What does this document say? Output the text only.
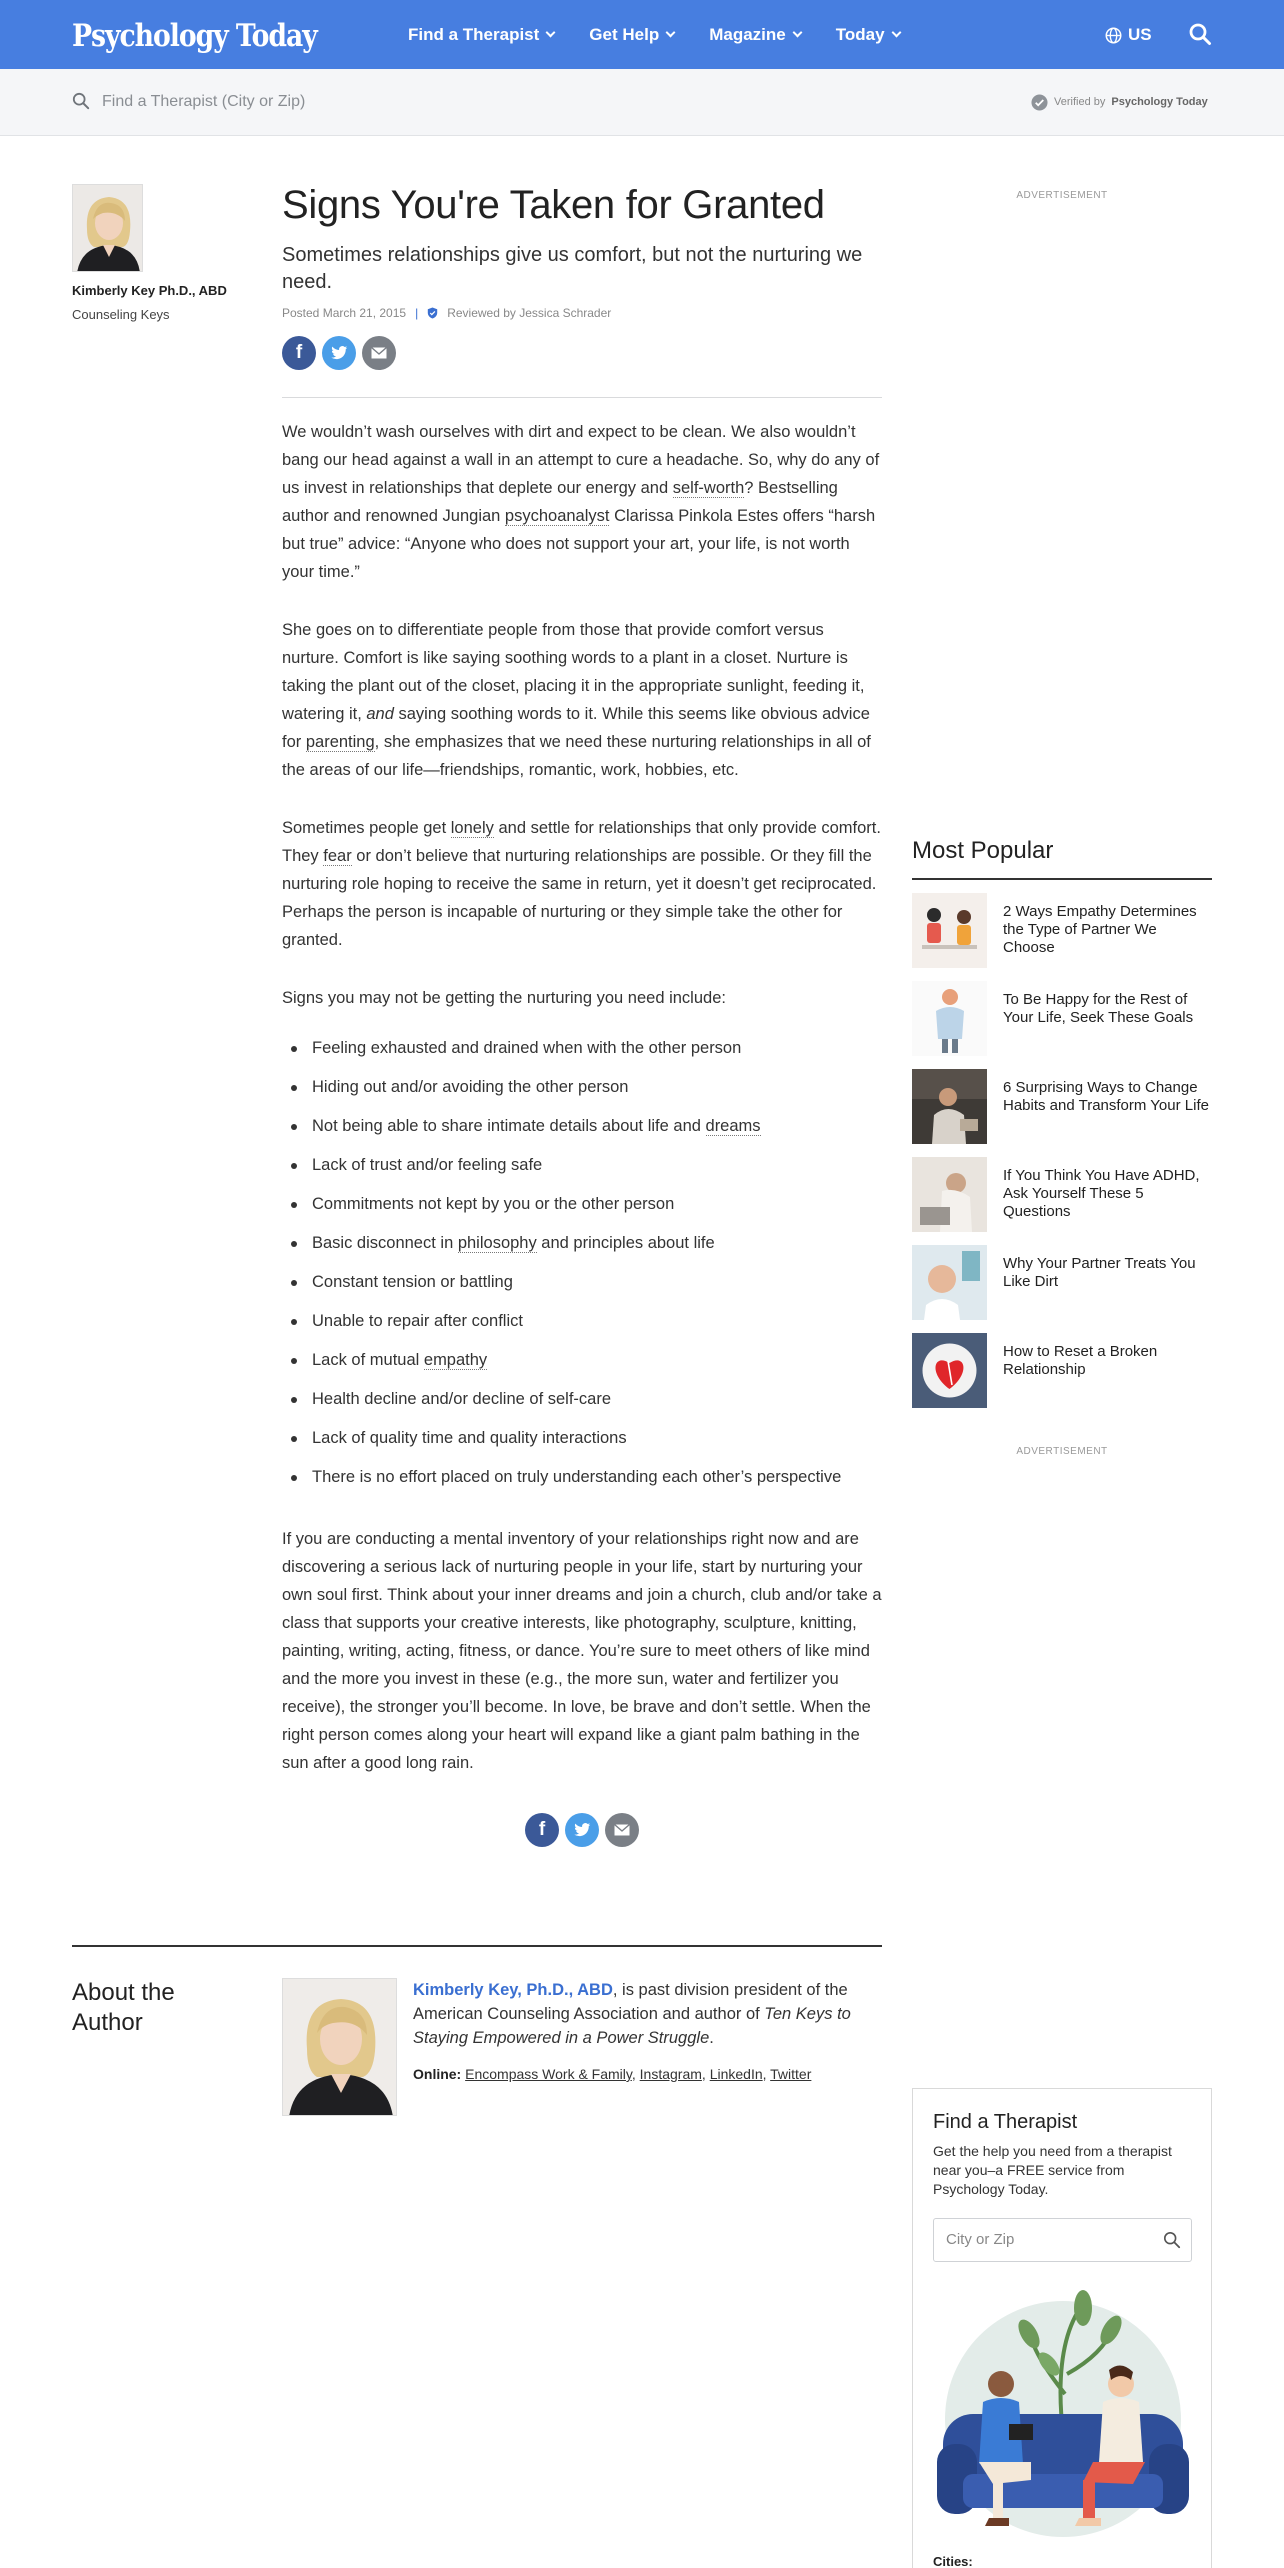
Psychology Today	Find a Therapist	Get Help	Magazine	Today	US
Find a Therapist (City or Zip)	Verified by Psychology Today
Kimberly Key Ph.D., ABD
Counseling Keys
Signs You're Taken for Granted
Sometimes relationships give us comfort, but not the nurturing we need.
Posted March 21, 2015 | Reviewed by Jessica Schrader
f

We wouldn’t wash ourselves with dirt and expect to be clean. We also wouldn’t bang our head against a wall in an attempt to cure a headache. So, why do any of us invest in relationships that deplete our energy and self-worth? Bestselling author and renowned Jungian psychoanalyst Clarissa Pinkola Estes offers “harsh but true” advice: “Anyone who does not support your art, your life, is not worth your time.”

She goes on to differentiate people from those that provide comfort versus nurture. Comfort is like saying soothing words to a plant in a closet. Nurture is taking the plant out of the closet, placing it in the appropriate sunlight, feeding it, watering it, and saying soothing words to it. While this seems like obvious advice for parenting, she emphasizes that we need these nurturing relationships in all of the areas of our life—friendships, romantic, work, hobbies, etc.

Sometimes people get lonely and settle for relationships that only provide comfort. They fear or don’t believe that nurturing relationships are possible. Or they fill the nurturing role hoping to receive the same in return, yet it doesn’t get reciprocated. Perhaps the person is incapable of nurturing or they simple take the other for granted.

Signs you may not be getting the nurturing you need include:

Feeling exhausted and drained when with the other person
Hiding out and/or avoiding the other person
Not being able to share intimate details about life and dreams
Lack of trust and/or feeling safe
Commitments not kept by you or the other person
Basic disconnect in philosophy and principles about life
Constant tension or battling
Unable to repair after conflict
Lack of mutual empathy
Health decline and/or decline of self-care
Lack of quality time and quality interactions
There is no effort placed on truly understanding each other’s perspective

If you are conducting a mental inventory of your relationships right now and are discovering a serious lack of nurturing people in your life, start by nurturing your own soul first. Think about your inner dreams and join a church, club and/or take a class that supports your creative interests, like photography, sculpture, knitting, painting, writing, acting, fitness, or dance. You’re sure to meet others of like mind and the more you invest in these (e.g., the more sun, water and fertilizer you receive), the stronger you’ll become. In love, be brave and don’t settle. When the right person comes along your heart will expand like a giant palm bathing in the sun after a good long rain.

f
About the Author
Kimberly Key, Ph.D., ABD, is past division president of the American Counseling Association and author of Ten Keys to Staying Empowered in a Power Struggle.
Online: Encompass Work & Family, Instagram, LinkedIn, Twitter
ADVERTISEMENT
Most Popular
2 Ways Empathy Determines the Type of Partner We Choose
To Be Happy for the Rest of Your Life, Seek These Goals
6 Surprising Ways to Change Habits and Transform Your Life
If You Think You Have ADHD, Ask Yourself These 5 Questions
Why Your Partner Treats You Like Dirt
How to Reset a Broken Relationship
ADVERTISEMENT
Find a Therapist
Get the help you need from a therapist near you–a FREE service from Psychology Today.
City or Zip
Cities:
